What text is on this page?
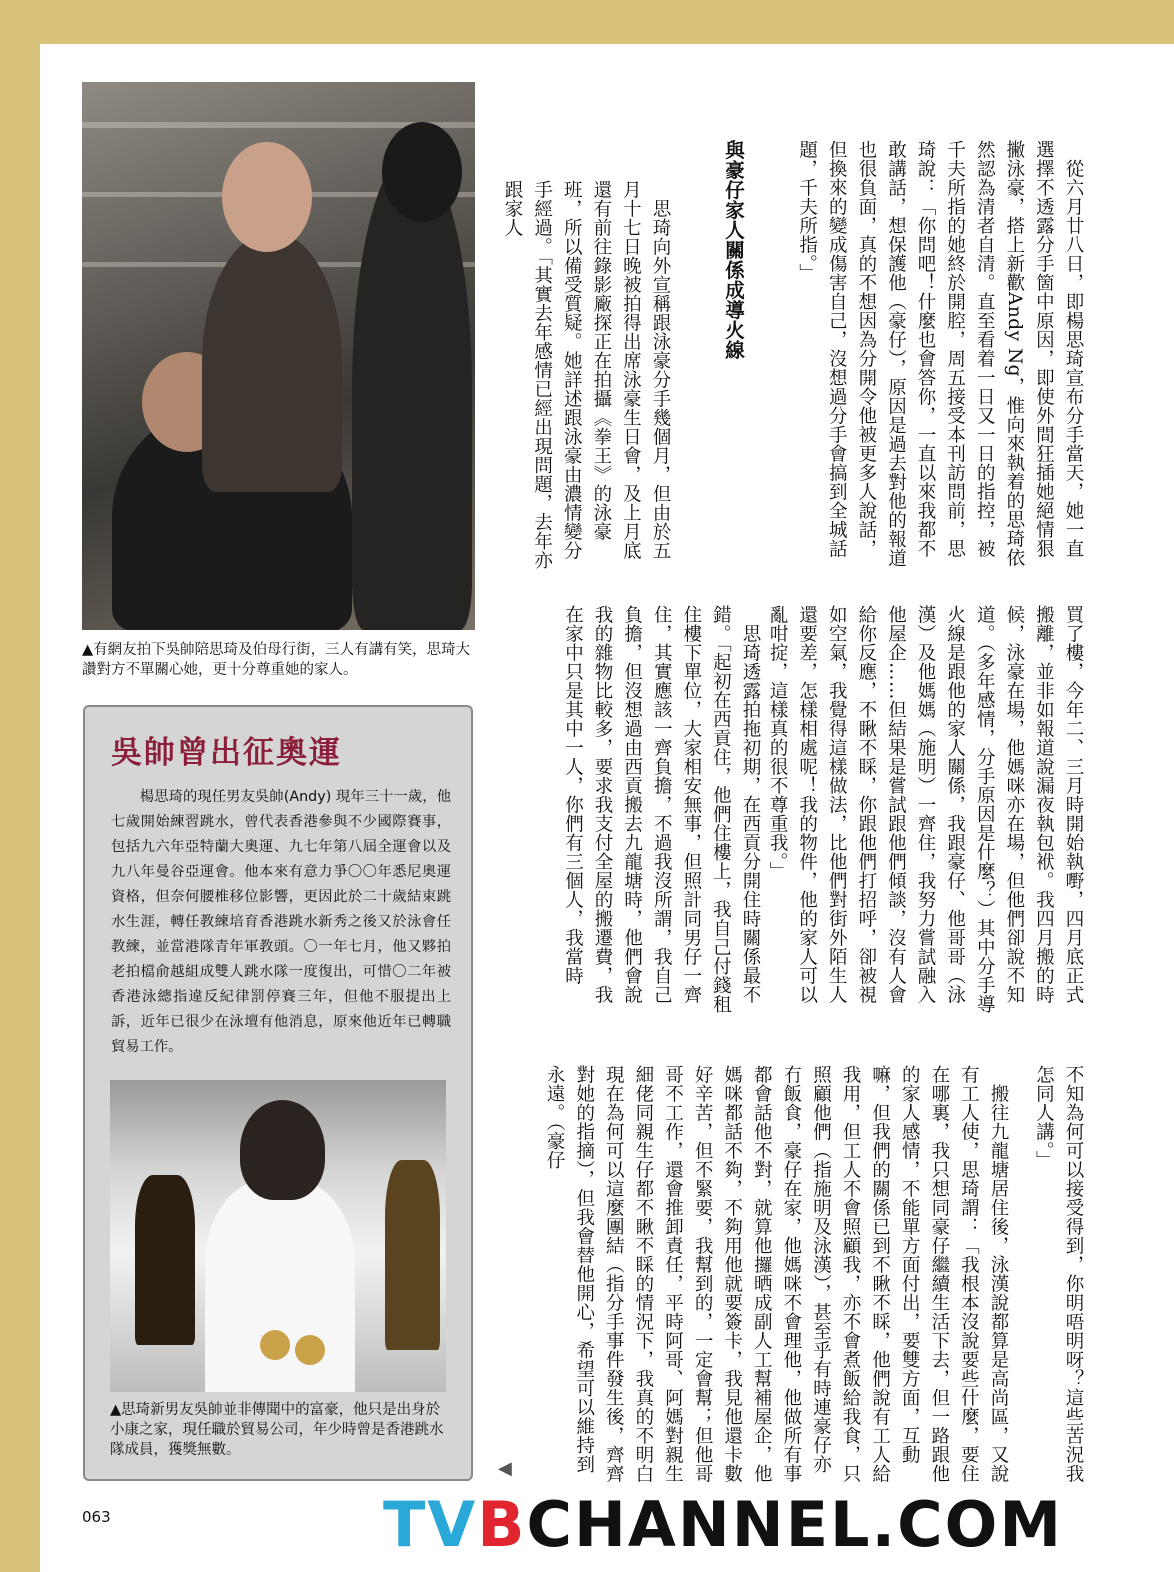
▲有網友拍下吳帥陪思琦及伯母行街，三人有講有笑，思琦大讚對方不單關心她，更十分尊重她的家人。
吳帥曾出征奧運
　　楊思琦的現任男友吳帥(Andy) 現年三十一歲，他七歲開始練習跳水，曾代表香港參與不少國際賽事，包括九六年亞特蘭大奧運、九七年第八屆全運會以及九八年曼谷亞運會。他本來有意力爭〇〇年悉尼奧運資格，但奈何腰椎移位影響，更因此於二十歲結束跳水生涯，轉任教練培育香港跳水新秀之後又於泳會任教練，並當港隊青年軍教頭。〇一年七月，他又夥拍老拍檔俞越組成雙人跳水隊一度復出，可惜〇二年被香港泳總指違反紀律罰停賽三年，但他不服提出上訴，近年已很少在泳壇有他消息，原來他近年已轉職貿易工作。
▲思琦新男友吳帥並非傳聞中的富豪，他只是出身於小康之家，現任職於貿易公司，年少時曾是香港跳水隊成員，獲獎無數。
　從六月廿八日，即楊思琦宣布分手當天，她一直選擇不透露分手箇中原因，即使外間狂插她絕情狠撇泳豪，搭上新歡Andy Ng，惟向來執着的思琦依然認為清者自清。直至看着一日又一日的指控，被千夫所指的她終於開腔，周五接受本刊訪問前，思琦說：「你問吧！什麼也會答你，一直以來我都不敢講話，想保護他（豪仔），原因是過去對他的報道也很負面，真的不想因為分開令他被更多人說話，但換來的變成傷害自己，沒想過分手會搞到全城話題，千夫所指。」
與豪仔家人關係成導火線
　思琦向外宣稱跟泳豪分手幾個月，但由於五月十七日晚被拍得出席泳豪生日會，及上月底還有前往錄影廠探正在拍攝《拳王》的泳豪班，所以備受質疑。她詳述跟泳豪由濃情變分手經過。「其實去年感情已經出現問題，去年亦跟家人
買了樓，今年二、三月時開始執嘢，四月底正式搬離，並非如報道說漏夜執包袱。我四月搬的時候，泳豪在場，他媽咪亦在場，但他們卻說不知道。（多年感情，分手原因是什麼？）其中分手導火線是跟他的家人關係，我跟豪仔、他哥哥（泳漢）及他媽媽（施明）一齊住，我努力嘗試融入他屋企……但結果是嘗試跟他們傾談，沒有人會給你反應，不瞅不睬，你跟他們打招呼，卻被視如空氣，我覺得這樣做法，比他們對街外陌生人還要差，怎樣相處呢！我的物件，他的家人可以亂咁掟，這樣真的很不尊重我。」
　思琦透露拍拖初期，在西貢分開住時關係最不錯。「起初在西貢住，他們住樓上，我自己付錢租住樓下單位，大家相安無事，但照計同男仔一齊住，其實應該一齊負擔，不過我沒所謂，我自己負擔，但沒想過由西貢搬去九龍塘時，他們會說我的雜物比較多，要求我支付全屋的搬遷費，我在家中只是其中一人，你們有三個人，我當時
不知為何可以接受得到，你明唔明呀？這些苦況我怎同人講。」
　搬往九龍塘居住後，泳漢說都算是高尚區，又說有工人使，思琦謂：「我根本沒說要些什麼，要住在哪裏，我只想同豪仔繼續生活下去，但一路跟他的家人感情，不能單方面付出，要雙方面，互動嘛，但我們的關係已到不瞅不睬，他們說有工人給我用，但工人不會照顧我，亦不會煮飯給我食，只照顧他們（指施明及泳漢），甚至乎有時連豪仔亦冇飯食，豪仔在家，他媽咪不會理他，他做所有事都會話他不對，就算他攞晒成副人工幫補屋企，他媽咪都話不夠，不夠用他就要簽卡，我見他還卡數好辛苦，但不緊要，我幫到的，一定會幫；但他哥哥不工作，還會推卸責任，平時阿哥、阿媽對親生細佬同親生仔都不瞅不睬的情況下，我真的不明白現在為何可以這麼團結（指分手事件發生後，齊齊對她的指摘），但我會替他開心，希望可以維持到永遠。（豪仔
◀
063	TVBCHANNEL.COM
